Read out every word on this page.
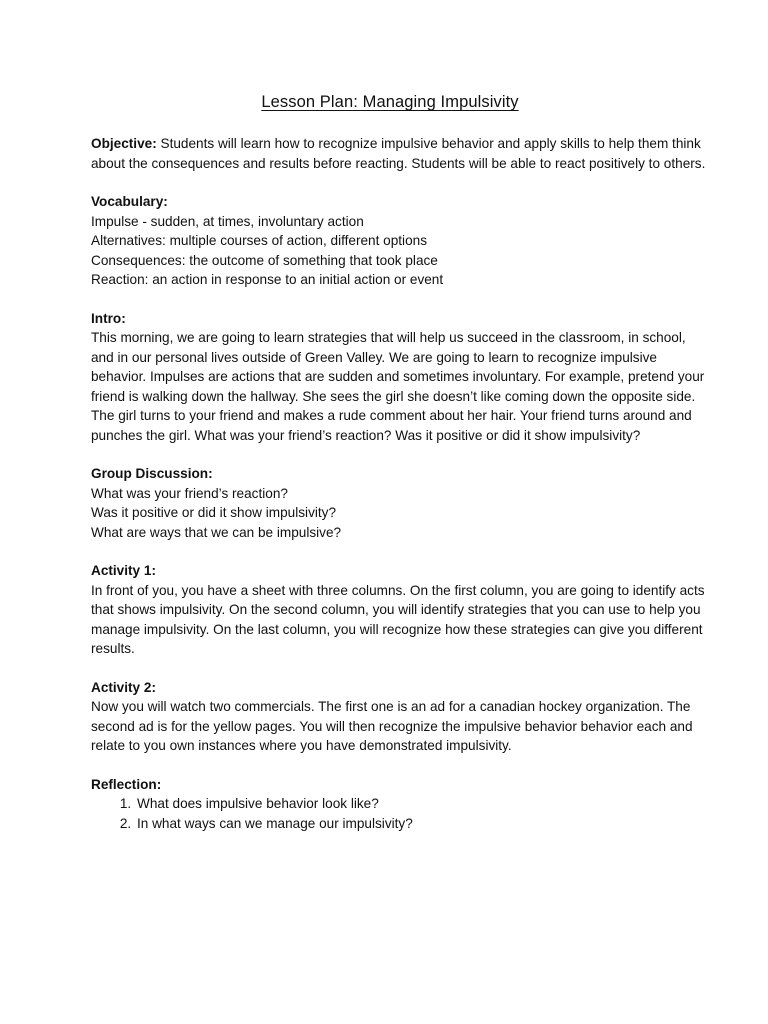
Lesson Plan: Managing Impulsivity
Objective: Students will learn how to recognize impulsive behavior and apply skills to help them think about the consequences and results before reacting. Students will be able to react positively to others.
Vocabulary:
Impulse - sudden, at times, involuntary action
Alternatives: multiple courses of action, different options
Consequences: the outcome of something that took place
Reaction: an action in response to an initial action or event
Intro:
This morning, we are going to learn strategies that will help us succeed in the classroom, in school, and in our personal lives outside of Green Valley. We are going to learn to recognize impulsive behavior. Impulses are actions that are sudden and sometimes involuntary. For example, pretend your friend is walking down the hallway. She sees the girl she doesn’t like coming down the opposite side. The girl turns to your friend and makes a rude comment about her hair. Your friend turns around and punches the girl. What was your friend’s reaction? Was it positive or did it show impulsivity?
Group Discussion:
What was your friend’s reaction?
Was it positive or did it show impulsivity?
What are ways that we can be impulsive?
Activity 1:
In front of you, you have a sheet with three columns. On the first column, you are going to identify acts that shows impulsivity. On the second column, you will identify strategies that you can use to help you manage impulsivity. On the last column, you will recognize how these strategies can give you different results.
Activity 2:
Now you will watch two commercials. The first one is an ad for a canadian hockey organization. The second ad is for the yellow pages. You will then recognize the impulsive behavior behavior each and relate to you own instances where you have demonstrated impulsivity.
Reflection:
1. What does impulsive behavior look like?
2. In what ways can we manage our impulsivity?
